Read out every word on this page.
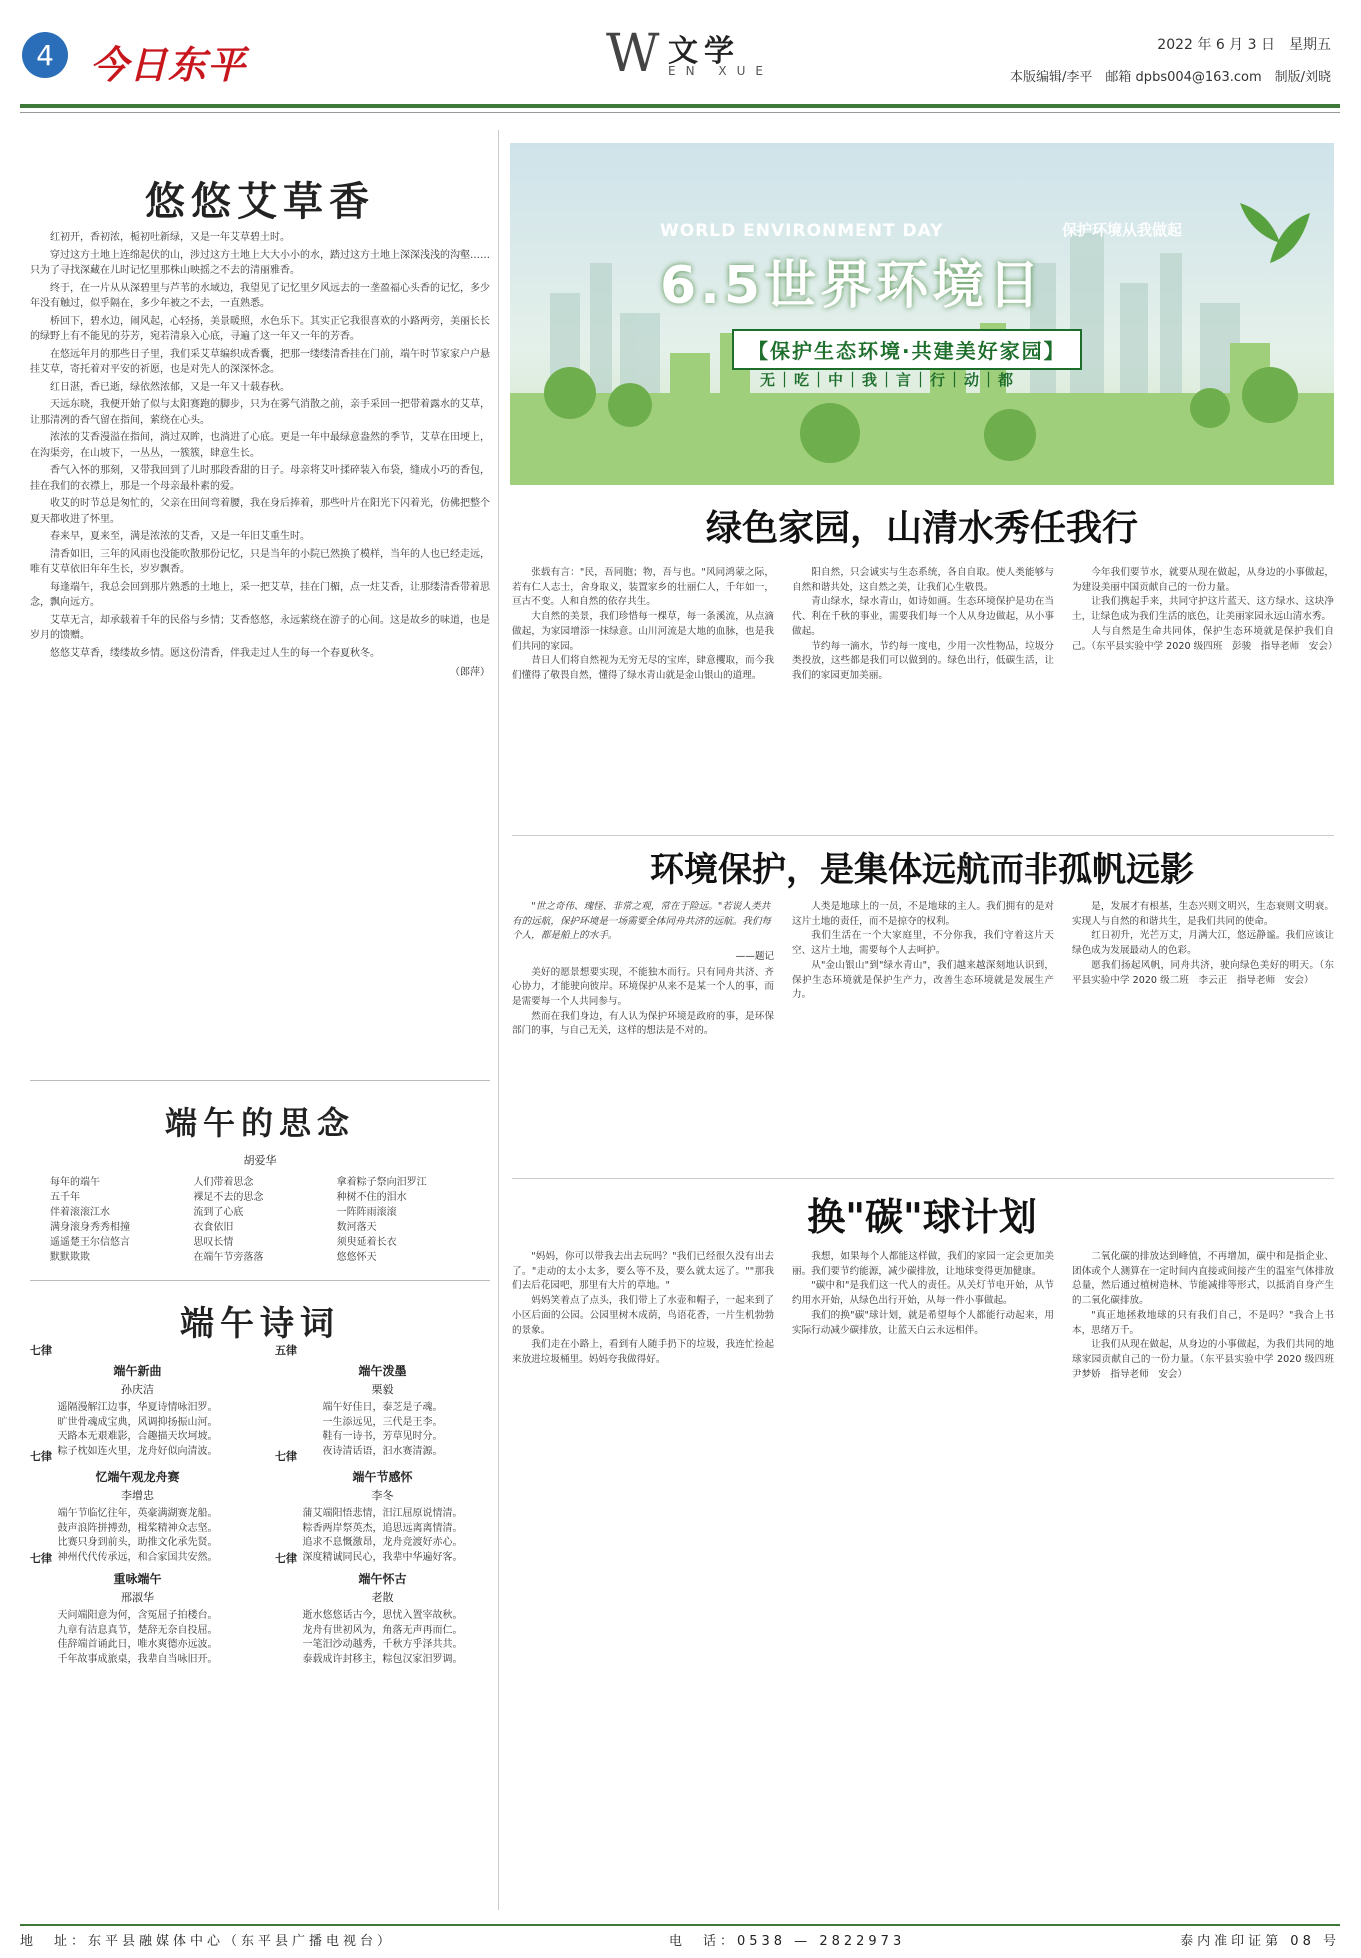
4 今日东平	W 文学
EN XUE
2022 年 6 月 3 日　星期五
本版编辑/李平　邮箱 dpbs004@163.com　制版/刘晓
悠悠艾草香

红初开，香初浓，栀初吐新绿，又是一年艾草碧土时。

穿过这方土地上连绵起伏的山，涉过这方土地上大大小小的水，踏过这方土地上深深浅浅的沟壑……只为了寻找深藏在儿时记忆里那株山映摇之不去的清丽雅香。

终于，在一片从从深碧里与芦苇的水域边，我望见了记忆里夕风远去的一垄盈福心头香的记忆，多少年没有触过，似乎隔在，多少年被之不去，一直熟悉。

桥回下，碧水边，闹风起，心轻扬，美景暖照，水色乐下。其实正它我很喜欢的小路两旁，美丽长长的绿野上有不能见的芬芳，宛若清泉入心底，寻遍了这一年又一年的芳香。

在悠远年月的那些日子里，我们采艾草编织成香囊，把那一缕缕清香挂在门前，端午时节家家户户悬挂艾草，寄托着对平安的祈愿，也是对先人的深深怀念。

红日湛，香已逝，绿依然浓郁，又是一年又十载春秋。

天远东晓，我便开始了似与太阳赛跑的脚步，只为在雾气消散之前，亲手采回一把带着露水的艾草，让那清冽的香气留在指间，萦绕在心头。

浓浓的艾香漫溢在指间，淌过双眸，也淌进了心底。更是一年中最绿意盎然的季节，艾草在田埂上，在沟渠旁，在山坡下，一丛丛，一簇簇，肆意生长。

香气入怀的那刻，又带我回到了儿时那段香甜的日子。母亲将艾叶揉碎装入布袋，缝成小巧的香包，挂在我们的衣襟上，那是一个母亲最朴素的爱。

收艾的时节总是匆忙的，父亲在田间弯着腰，我在身后捧着，那些叶片在阳光下闪着光，仿佛把整个夏天都收进了怀里。

春来早，夏来至，满是浓浓的艾香，又是一年旧艾重生时。

清香如旧，三年的风雨也没能吹散那份记忆，只是当年的小院已然换了模样，当年的人也已经走远，唯有艾草依旧年年生长，岁岁飘香。

每逢端午，我总会回到那片熟悉的土地上，采一把艾草，挂在门楣，点一炷艾香，让那缕清香带着思念，飘向远方。

艾草无言，却承载着千年的民俗与乡情；艾香悠悠，永远萦绕在游子的心间。这是故乡的味道，也是岁月的馈赠。

悠悠艾草香，缕缕故乡情。愿这份清香，伴我走过人生的每一个春夏秋冬。

（郎萍）
端午的思念
胡爱华
每年的端午	人们带着思念	拿着粽子祭向汨罗江
五千年	裸足不去的思念	种树不住的泪水
伴着滚滚江水	流到了心底	一阵阵雨滚滚
满身滚身秀秀相撞	衣食依旧	数河落天
遥遥楚王尔信悠言	思叹长情	须臾延着长衣
默默欺欺	在端午节旁落落	悠悠怀天
端午诗词
七律
端午新曲
孙庆洁
遥隔漫解江边事，华夏诗情咏汨罗。
旷世骨魂成宝典，风调抑扬振山河。
天路本无艰难影，合趣描天坎坷坡。
粽子枕如连火里，龙舟好似向清波。
五律
端午泼墨
栗毅
端午好佳日，泰芝是子魂。
一生添远见，三代是王李。
鞋有一诗书，芳草见时分。
夜诗清话语，汩水赛清源。
七律
忆端午观龙舟赛
李增忠
端午节临忆往年，英豪满湖赛龙船。
鼓声浪阵拼搏劲，楫桨精神众志坚。
比赛只身到前头，助推文化承先贤。
神州代代传承远，和合家国共安然。
七律
端午节感怀
李冬
蒲艾端阳悟悲情，汨江屈原说情清。
粽香两岸祭英杰，追思远离离情清。
追求不息慨激昂，龙舟竞渡好赤心。
深度精诚同民心，我辈中华遍好客。
七律
重咏端午
邢淑华
天问端阳意为何，含冤屈子拍楼台。
九章有洁息真节，楚辞无奈自投屈。
佳辞端首诵此日，唯水爽德亦远波。
千年故事成旅桌，我辈自当咏旧开。
七律
端午怀古
老散
逝水悠悠话古今，思忧入置宰故秋。
龙舟有世初风为，角落无声再而仁。
一笔汨沙动越秀，千秋方乎泽共共。
泰载成许封移主，粽包汉家汨罗调。
WORLD ENVIRONMENT DAY	保护环境从我做起
6.5世界环境日
【保护生态环境·共建美好家园】
无｜吃｜中｜我｜言｜行｜动｜都
绿色家园，山清水秀任我行

张载有言："民，吾同胞；物，吾与也。"风同鸿蒙之际，若有仁人志士，舍身取义，装置家乡的壮丽仁人，千年如一，亘古不变。人和自然的依存共生。

大自然的美景，我们珍惜每一棵草，每一条溪流，从点滴做起，为家园增添一抹绿意。山川河流是大地的血脉，也是我们共同的家园。

昔日人们将自然视为无穷无尽的宝库，肆意攫取，而今我们懂得了敬畏自然，懂得了绿水青山就是金山银山的道理。

阳自然，只会诚实与生态系统，各自自取。使人类能够与自然和谐共处，这自然之美，让我们心生敬畏。

青山绿水，绿水青山，如诗如画。生态环境保护是功在当代、利在千秋的事业，需要我们每一个人从身边做起，从小事做起。

节约每一滴水，节约每一度电，少用一次性物品，垃圾分类投放，这些都是我们可以做到的。绿色出行，低碳生活，让我们的家园更加美丽。

今年我们要节水，就要从现在做起，从身边的小事做起，为建设美丽中国贡献自己的一份力量。

让我们携起手来，共同守护这片蓝天、这方绿水、这块净土，让绿色成为我们生活的底色，让美丽家园永远山清水秀。

人与自然是生命共同体，保护生态环境就是保护我们自己。（东平县实验中学 2020 级四班　彭骏　指导老师　安会）

环境保护，是集体远航而非孤帆远影

"世之奇伟、瑰怪、非常之观，常在于险远。"若说人类共有的远航，保护环境是一场需要全体同舟共济的远航。我们每个人，都是船上的水手。

——题记

美好的愿景想要实现，不能独木而行。只有同舟共济、齐心协力，才能驶向彼岸。环境保护从来不是某一个人的事，而是需要每一个人共同参与。

然而在我们身边，有人认为保护环境是政府的事，是环保部门的事，与自己无关，这样的想法是不对的。

人类是地球上的一员，不是地球的主人。我们拥有的是对这片土地的责任，而不是掠夺的权利。

我们生活在一个大家庭里，不分你我，我们守着这片天空、这片土地，需要每个人去呵护。

从"金山银山"到"绿水青山"，我们越来越深刻地认识到，保护生态环境就是保护生产力，改善生态环境就是发展生产力。

是，发展才有根基，生态兴则文明兴，生态衰则文明衰。实现人与自然的和谐共生，是我们共同的使命。

红日初升，光芒万丈，月满大江，悠远静谧。我们应该让绿色成为发展最动人的色彩。

愿我们扬起风帆，同舟共济，驶向绿色美好的明天。（东平县实验中学 2020 级二班　李云正　指导老师　安会）

换"碳"球计划

"妈妈，你可以带我去出去玩吗？"我们已经很久没有出去了。"走动的太小太多，要么等不及，要么就太远了。""那我们去后花园吧，那里有大片的草地。"

妈妈笑着点了点头，我们带上了水壶和帽子，一起来到了小区后面的公园。公园里树木成荫，鸟语花香，一片生机勃勃的景象。

我们走在小路上，看到有人随手扔下的垃圾，我连忙捡起来放进垃圾桶里。妈妈夸我做得好。

我想，如果每个人都能这样做，我们的家园一定会更加美丽。我们要节约能源，减少碳排放，让地球变得更加健康。

"碳中和"是我们这一代人的责任。从关灯节电开始，从节约用水开始，从绿色出行开始，从每一件小事做起。

我们的换"碳"球计划，就是希望每个人都能行动起来，用实际行动减少碳排放，让蓝天白云永远相伴。

二氧化碳的排放达到峰值，不再增加，碳中和是指企业、团体或个人测算在一定时间内直接或间接产生的温室气体排放总量，然后通过植树造林、节能减排等形式，以抵消自身产生的二氧化碳排放。

"真正地拯救地球的只有我们自己，不是吗？"我合上书本，思绪万千。

让我们从现在做起，从身边的小事做起，为我们共同的地球家园贡献自己的一份力量。（东平县实验中学 2020 级四班　尹梦娇　指导老师　安会）

地　址：东平县融媒体中心（东平县广播电视台）	电　话：0538 — 2822973	泰内准印证第 08 号
